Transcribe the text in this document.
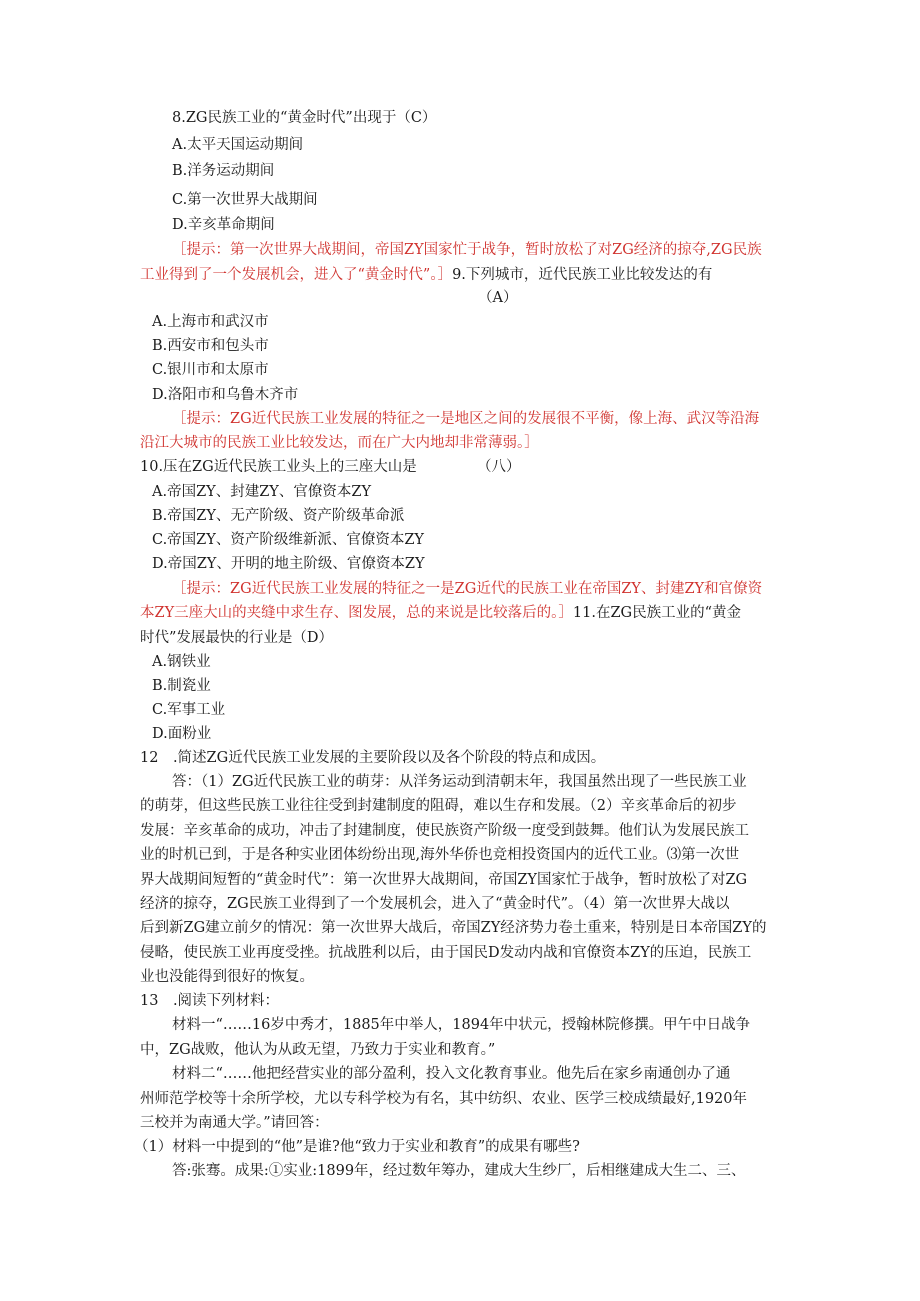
8.ZG民族工业的“黄金时代”出现于（C）
A.太平天国运动期间
B.洋务运动期间
C.第一次世界大战期间
D.辛亥革命期间
［提示：第一次世界大战期间，帝国ZY国家忙于战争，暂时放松了对ZG经济的掠夺,ZG民族
工业得到了一个发展机会，进入了“黄金时代”。］9.下列城市，近代民族工业比较发达的有
（A）
A.上海市和武汉市
B.西安市和包头市
C.银川市和太原市
D.洛阳市和乌鲁木齐市
［提示：ZG近代民族工业发展的特征之一是地区之间的发展很不平衡，像上海、武汉等沿海
沿江大城市的民族工业比较发达，而在广大内地却非常薄弱。］
10.压在ZG近代民族工业头上的三座大山是	（八）
A.帝国ZY、封建ZY、官僚资本ZY
B.帝国ZY、无产阶级、资产阶级革命派
C.帝国ZY、资产阶级维新派、官僚资本ZY
D.帝国ZY、开明的地主阶级、官僚资本ZY
［提示：ZG近代民族工业发展的特征之一是ZG近代的民族工业在帝国ZY、封建ZY和官僚资
本ZY三座大山的夹缝中求生存、图发展，总的来说是比较落后的。］11.在ZG民族工业的“黄金
时代”发展最快的行业是（D）
A.钢铁业
B.制瓷业
C.军事工业
D.面粉业
12　.简述ZG近代民族工业发展的主要阶段以及各个阶段的特点和成因。
答：（1）ZG近代民族工业的萌芽：从洋务运动到清朝末年，我国虽然出现了一些民族工业
的萌芽，但这些民族工业往往受到封建制度的阻碍，难以生存和发展。（2）辛亥革命后的初步
发展：辛亥革命的成功，冲击了封建制度，使民族资产阶级一度受到鼓舞。他们认为发展民族工
业的时机已到，于是各种实业团体纷纷出现,海外华侨也竞相投资国内的近代工业。⑶第一次世
界大战期间短暂的“黄金时代”：第一次世界大战期间，帝国ZY国家忙于战争，暂时放松了对ZG
经济的掠夺，ZG民族工业得到了一个发展机会，进入了“黄金时代”。（4）第一次世界大战以
后到新ZG建立前夕的情况：第一次世界大战后，帝国ZY经济势力卷土重来，特别是日本帝国ZY的
侵略，使民族工业再度受挫。抗战胜利以后，由于国民D发动内战和官僚资本ZY的压迫，民族工
业也没能得到很好的恢复。
13　.阅读下列材料：
材料一“……16岁中秀才，1885年中举人，1894年中状元，授翰林院修撰。甲午中日战争
中，ZG战败，他认为从政无望，乃致力于实业和教育。”
材料二“……他把经营实业的部分盈利，投入文化教育事业。他先后在家乡南通创办了通
州师范学校等十余所学校，尤以专科学校为有名，其中纺织、农业、医学三校成绩最好,1920年
三校并为南通大学。”请回答：
（1）材料一中提到的“他”是谁?他“致力于实业和教育”的成果有哪些?
答:张骞。成果:①实业:1899年，经过数年筹办，建成大生纱厂，后相继建成大生二、三、
